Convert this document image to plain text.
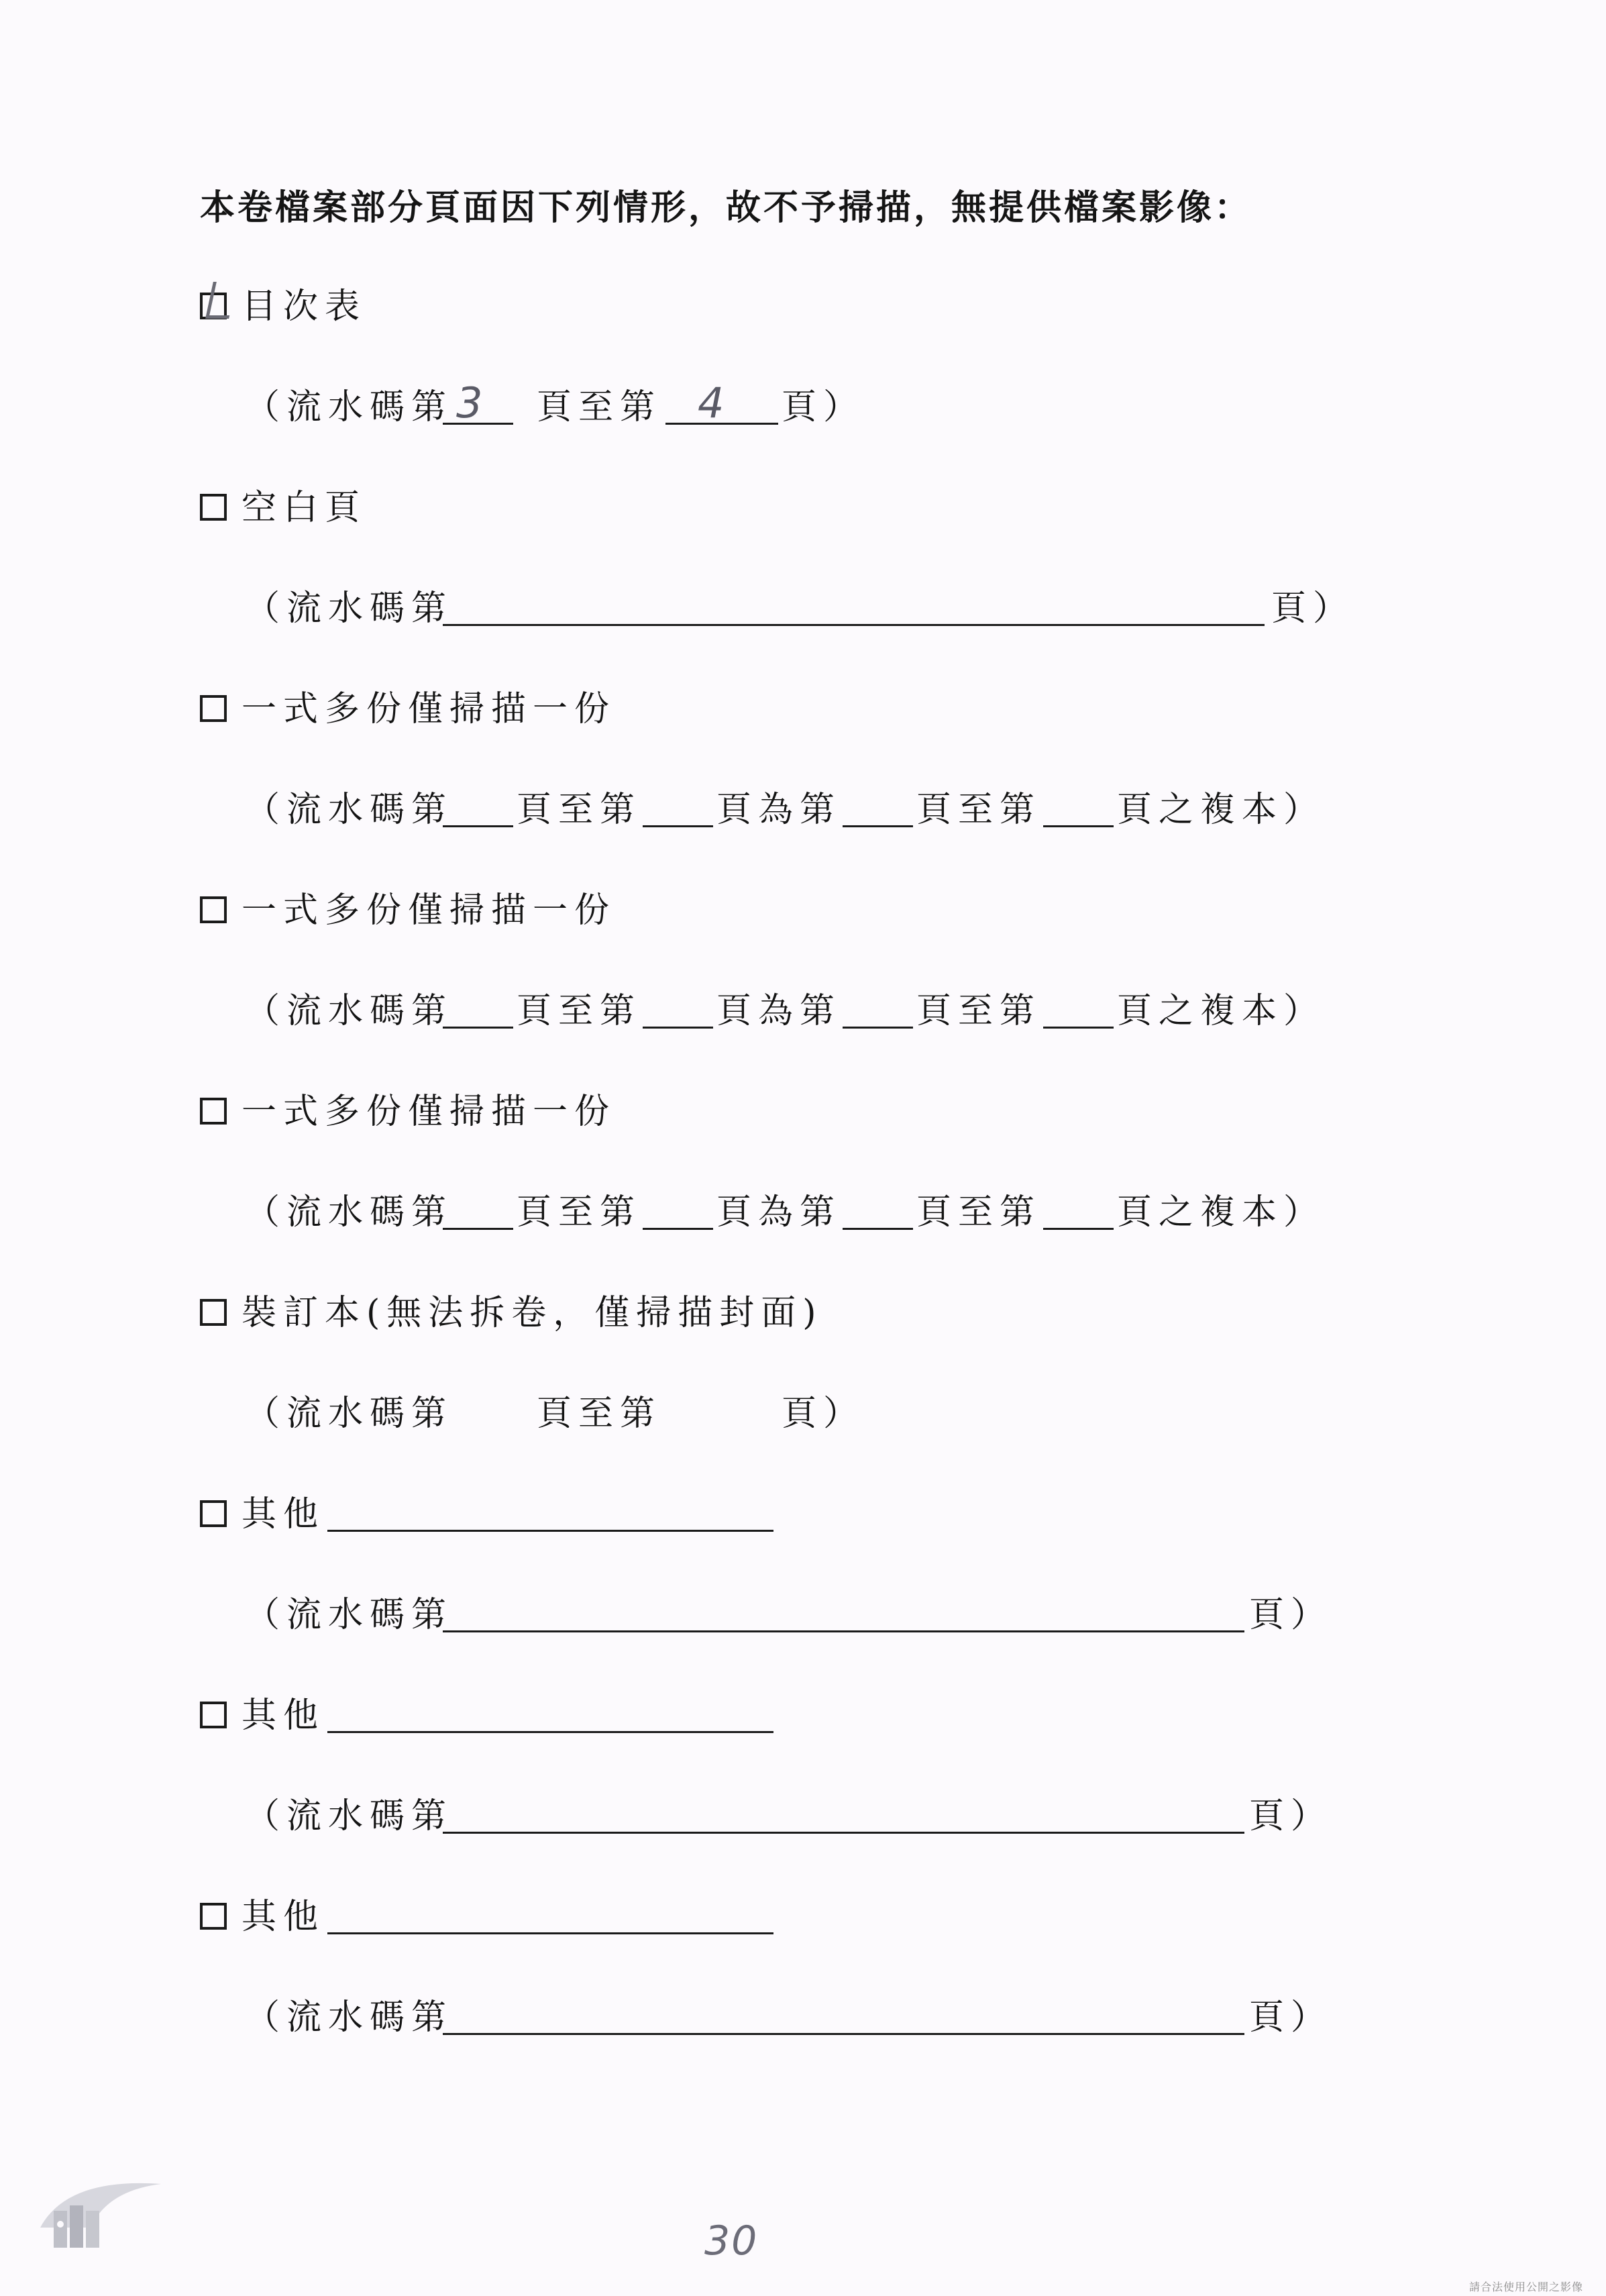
本卷檔案部分頁面因下列情形，故不予掃描，無提供檔案影像：
目次表
（流水碼第 3 頁至第 4 頁）
空白頁
（流水碼第	頁）
一式多份僅掃描一份
（流水碼第 頁至第 頁為第 頁至第 頁之複本）
一式多份僅掃描一份
（流水碼第 頁至第 頁為第 頁至第 頁之複本）
一式多份僅掃描一份
（流水碼第 頁至第 頁為第 頁至第 頁之複本）
裝訂本(無法拆卷，僅掃描封面)
（流水碼第 頁至第	頁）
其他
（流水碼第	頁）
其他
（流水碼第	頁）
其他
（流水碼第	頁）
30
請合法使用公開之影像
